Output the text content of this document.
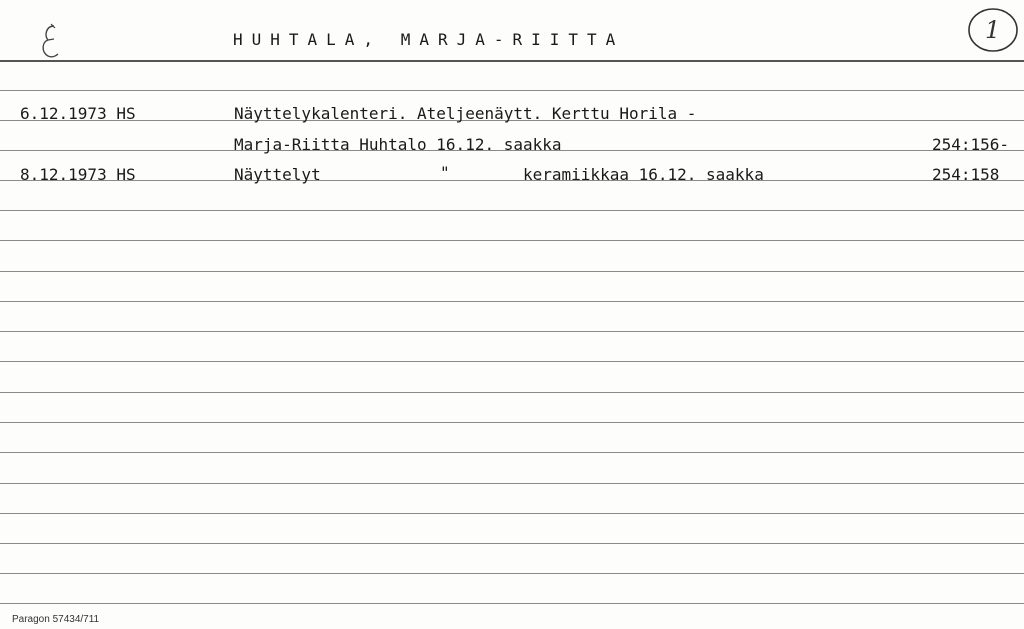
HUHTALA, MARJA-RIITTA	1
6.12.1973 HS	Näyttelykalenteri. Ateljeenäytt. Kerttu Horila -
Marja-Riitta Huhtalo 16.12. saakka	254:156-
8.12.1973 HS	Näyttelyt	"	keramiikkaa 16.12. saakka	254:158
Paragon 57434/711
